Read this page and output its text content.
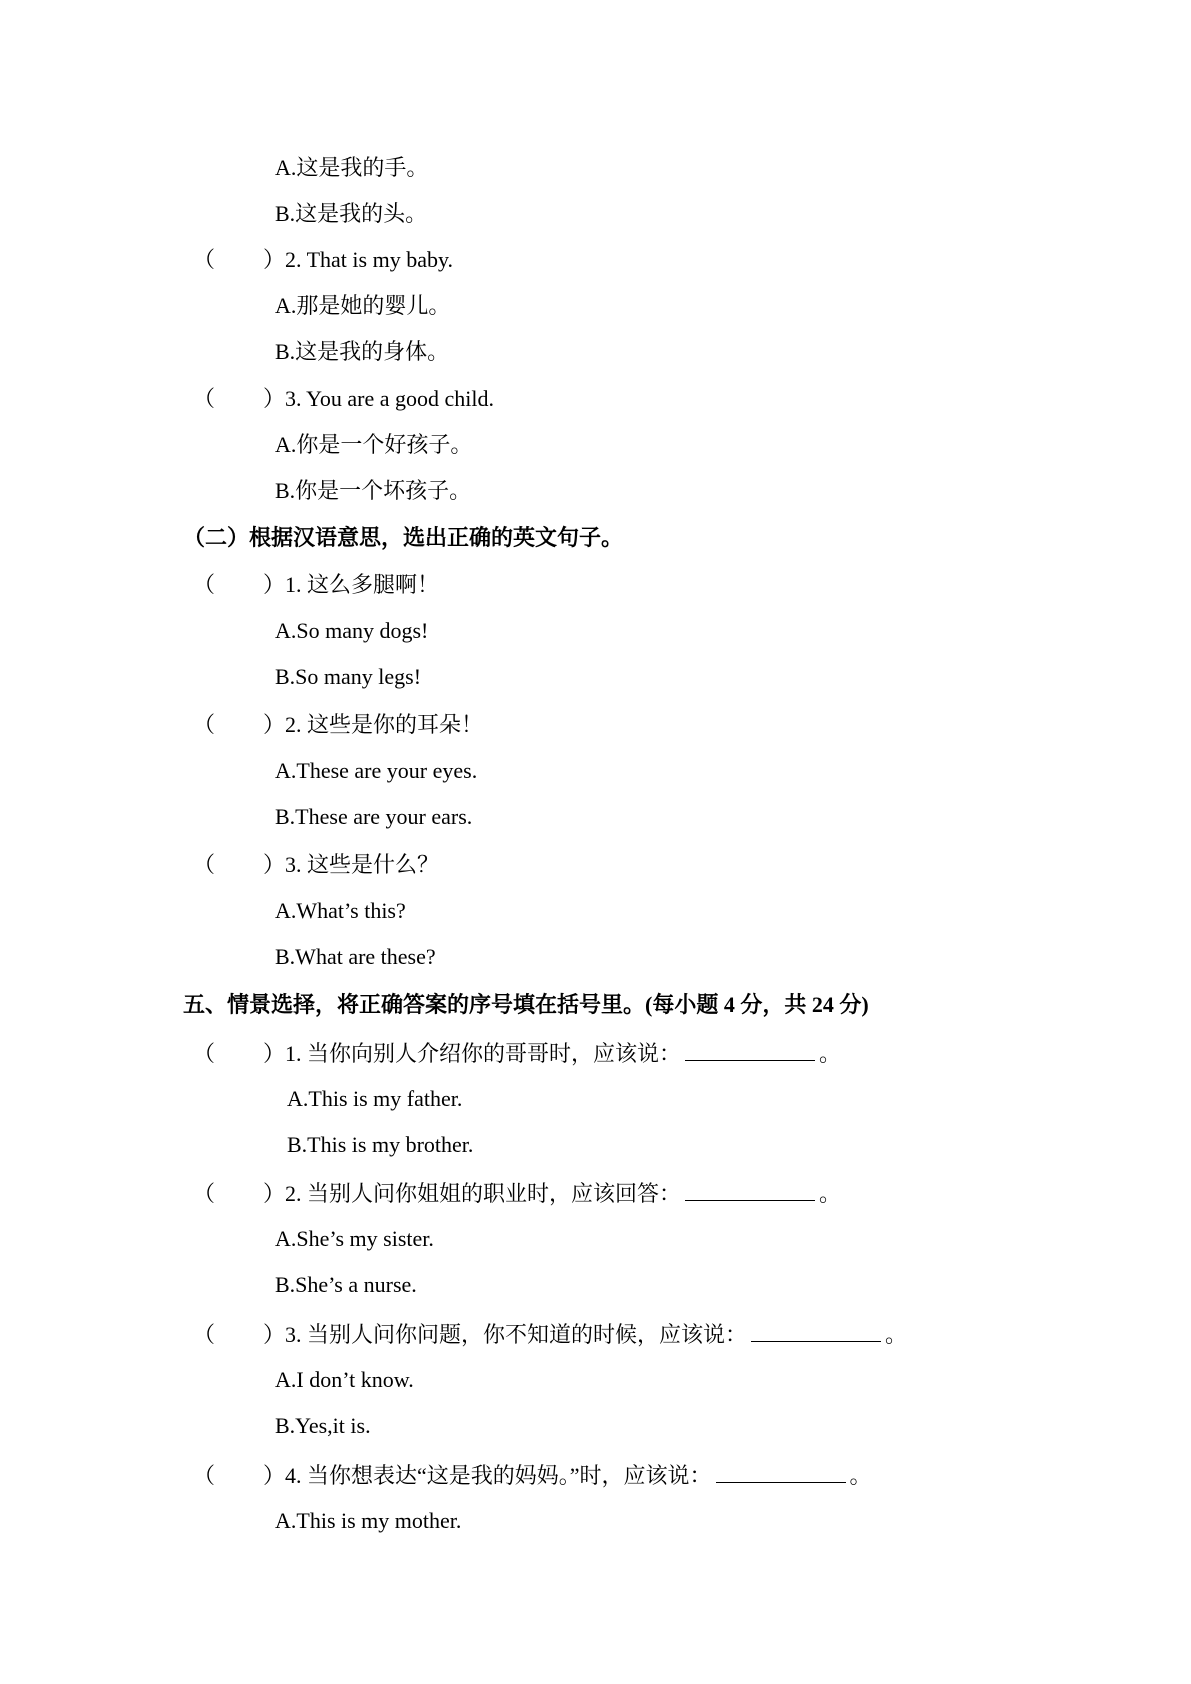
A.这是我的手。
B.这是我的头。
（ ）2. That is my baby.
A.那是她的婴儿。
B.这是我的身体。
（ ）3. You are a good child.
A.你是一个好孩子。
B.你是一个坏孩子。
（二）根据汉语意思，选出正确的英文句子。
（ ）1. 这么多腿啊！
A.So many dogs!
B.So many legs!
（ ）2. 这些是你的耳朵！
A.These are your eyes.
B.These are your ears.
（ ）3. 这些是什么？
A.What’s this?
B.What are these?
五、情景选择，将正确答案的序号填在括号里。(每小题 4 分，共 24 分)
（ ）1. 当你向别人介绍你的哥哥时，应该说：	。
A.This is my father.
B.This is my brother.
（ ）2. 当别人问你姐姐的职业时，应该回答：	。
A.She’s my sister.
B.She’s a nurse.
（ ）3. 当别人问你问题，你不知道的时候，应该说：	。
A.I don’t know.
B.Yes,it is.
（ ）4. 当你想表达“这是我的妈妈。”时，应该说：	。
A.This is my mother.
